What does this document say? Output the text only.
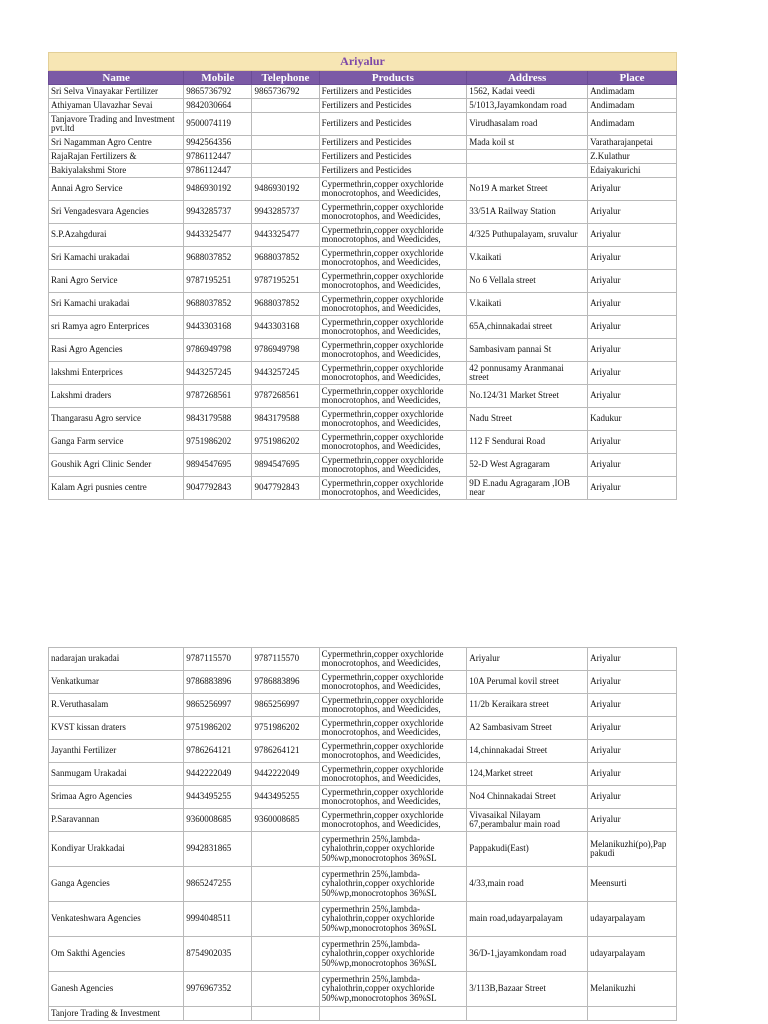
Ariyalur					
Name	Mobile	Telephone	Products	Address	Place
Sri Selva Vinayakar Fertilizer	9865736792	9865736792	Fertilizers and Pesticides	1562, Kadai veedi	Andimadam
Athiyaman Ulavazhar Sevai	9842030664		Fertilizers and Pesticides	5/1013,Jayamkondam road	Andimadam
Tanjavore Trading and Investment pvt.ltd	9500074119		Fertilizers and Pesticides	Virudhasalam road	Andimadam
Sri Nagamman Agro Centre	9942564356		Fertilizers and Pesticides	Mada koil st	Varatharajanpetai
RajaRajan Fertilizers &	9786112447		Fertilizers and Pesticides		Z.Kulathur
Bakiyalakshmi Store	9786112447		Fertilizers and Pesticides		Edaiyakurichi
Annai Agro Service	9486930192	9486930192	Cypermethrin,copper oxychloride monocrotophos, and Weedicides,	No19 A market Street	Ariyalur
Sri Vengadesvara Agencies	9943285737	9943285737	Cypermethrin,copper oxychloride monocrotophos, and Weedicides,	33/51A Railway Station	Ariyalur
S.P.Azahgdurai	9443325477	9443325477	Cypermethrin,copper oxychloride monocrotophos, and Weedicides,	4/325 Puthupalayam, sruvalur	Ariyalur
Sri Kamachi urakadai	9688037852	9688037852	Cypermethrin,copper oxychloride monocrotophos, and Weedicides,	V.kaikati	Ariyalur
Rani Agro Service	9787195251	9787195251	Cypermethrin,copper oxychloride monocrotophos, and Weedicides,	No 6 Vellala street	Ariyalur
Sri Kamachi urakadai	9688037852	9688037852	Cypermethrin,copper oxychloride monocrotophos, and Weedicides,	V.kaikati	Ariyalur
sri Ramya agro Enterprices	9443303168	9443303168	Cypermethrin,copper oxychloride monocrotophos, and Weedicides,	65A,chinnakadai street	Ariyalur
Rasi Agro Agencies	9786949798	9786949798	Cypermethrin,copper oxychloride monocrotophos, and Weedicides,	Sambasivam pannai St	Ariyalur
lakshmi Enterprices	9443257245	9443257245	Cypermethrin,copper oxychloride monocrotophos, and Weedicides,	42 ponnusamy Aranmanai street	Ariyalur
Lakshmi draders	9787268561	9787268561	Cypermethrin,copper oxychloride monocrotophos, and Weedicides,	No.124/31 Market Street	Ariyalur
Thangarasu Agro service	9843179588	9843179588	Cypermethrin,copper oxychloride monocrotophos, and Weedicides,	Nadu Street	Kadukur
Ganga Farm service	9751986202	9751986202	Cypermethrin,copper oxychloride monocrotophos, and Weedicides,	112 F Sendurai Road	Ariyalur
Goushik Agri Clinic Sender	9894547695	9894547695	Cypermethrin,copper oxychloride monocrotophos, and Weedicides,	52-D West Agragaram	Ariyalur
Kalam Agri pusnies centre	9047792843	9047792843	Cypermethrin,copper oxychloride monocrotophos, and Weedicides,	9D E.nadu Agragaram ,IOB near	Ariyalur
nadarajan urakadai	9787115570	9787115570	Cypermethrin,copper oxychloride monocrotophos, and Weedicides,	Ariyalur	Ariyalur
Venkatkumar	9786883896	9786883896	Cypermethrin,copper oxychloride monocrotophos, and Weedicides,	10A Perumal kovil street	Ariyalur
R.Veruthasalam	9865256997	9865256997	Cypermethrin,copper oxychloride monocrotophos, and Weedicides,	11/2b Keraikara street	Ariyalur
KVST kissan draters	9751986202	9751986202	Cypermethrin,copper oxychloride monocrotophos, and Weedicides,	A2 Sambasivam Street	Ariyalur
Jayanthi Fertilizer	9786264121	9786264121	Cypermethrin,copper oxychloride monocrotophos, and Weedicides,	14,chinnakadai Street	Ariyalur
Sanmugam Urakadai	9442222049	9442222049	Cypermethrin,copper oxychloride monocrotophos, and Weedicides,	124,Market street	Ariyalur
Srimaa Agro Agencies	9443495255	9443495255	Cypermethrin,copper oxychloride monocrotophos, and Weedicides,	No4 Chinnakadai Street	Ariyalur
P.Saravannan	9360008685	9360008685	Cypermethrin,copper oxychloride monocrotophos, and Weedicides,	Vivasaikal Nilayam 67,perambalur main road	Ariyalur
Kondiyar Urakkadai	9942831865		cypermethrin 25%,lambda-cyhalothrin,copper oxychloride 50%wp,monocrotophos 36%SL	Pappakudi(East)	Melanikuzhi(po),Pap pakudi
Ganga Agencies	9865247255		cypermethrin 25%,lambda-cyhalothrin,copper oxychloride 50%wp,monocrotophos 36%SL	4/33,main road	Meensurti
Venkateshwara Agencies	9994048511		cypermethrin 25%,lambda-cyhalothrin,copper oxychloride 50%wp,monocrotophos 36%SL	main road,udayarpalayam	udayarpalayam
Om Sakthi Agencies	8754902035		cypermethrin 25%,lambda-cyhalothrin,copper oxychloride 50%wp,monocrotophos 36%SL	36/D-1,jayamkondam road	udayarpalayam
Ganesh Agencies	9976967352		cypermethrin 25%,lambda-cyhalothrin,copper oxychloride 50%wp,monocrotophos 36%SL	3/113B,Bazaar Street	Melanikuzhi
Tanjore Trading & Investment					
